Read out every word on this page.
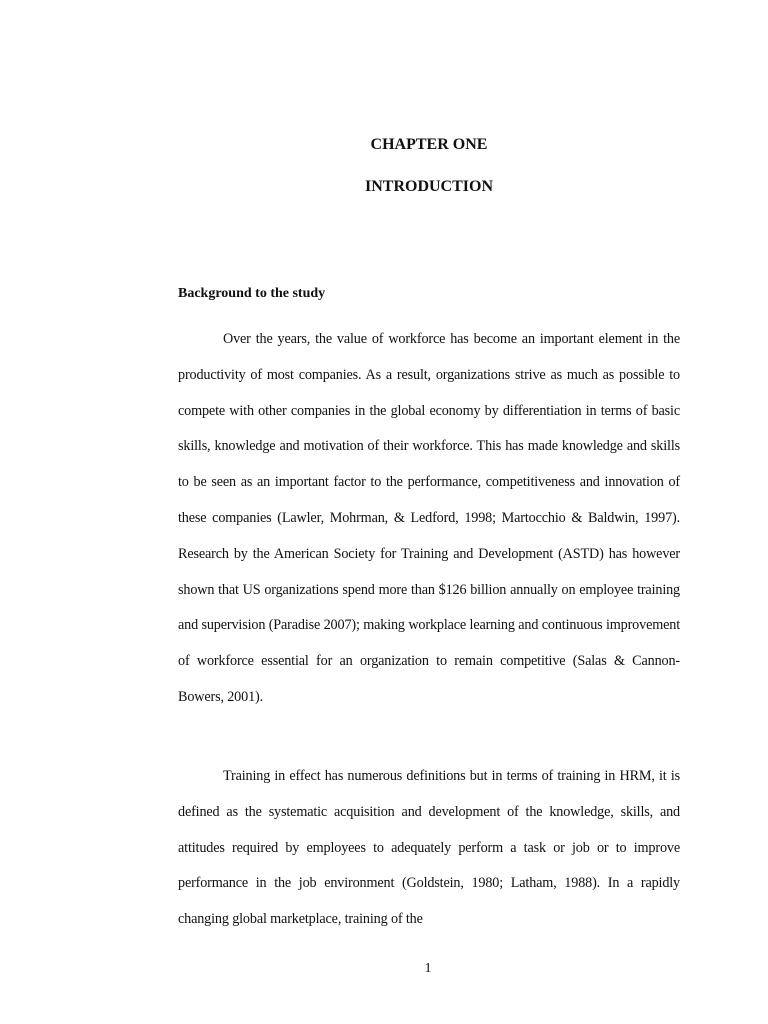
CHAPTER ONE
INTRODUCTION
Background to the study

Over the years, the value of workforce has become an important element in the productivity of most companies. As a result, organizations strive as much as possible to compete with other companies in the global economy by differentiation in terms of basic skills, knowledge and motivation of their workforce. This has made knowledge and skills to be seen as an important factor to the performance, competitiveness and innovation of these companies (Lawler, Mohrman, & Ledford, 1998; Martocchio & Baldwin, 1997). Research by the American Society for Training and Development (ASTD) has however shown that US organizations spend more than $126 billion annually on employee training and supervision (Paradise 2007); making workplace learning and continuous improvement of workforce essential for an organization to remain competitive (Salas & Cannon-Bowers, 2001).

Training in effect has numerous definitions but in terms of training in HRM, it is defined as the systematic acquisition and development of the knowledge, skills, and attitudes required by employees to adequately perform a task or job or to improve performance in the job environment (Goldstein, 1980; Latham, 1988). In a rapidly changing global marketplace, training of the

1
